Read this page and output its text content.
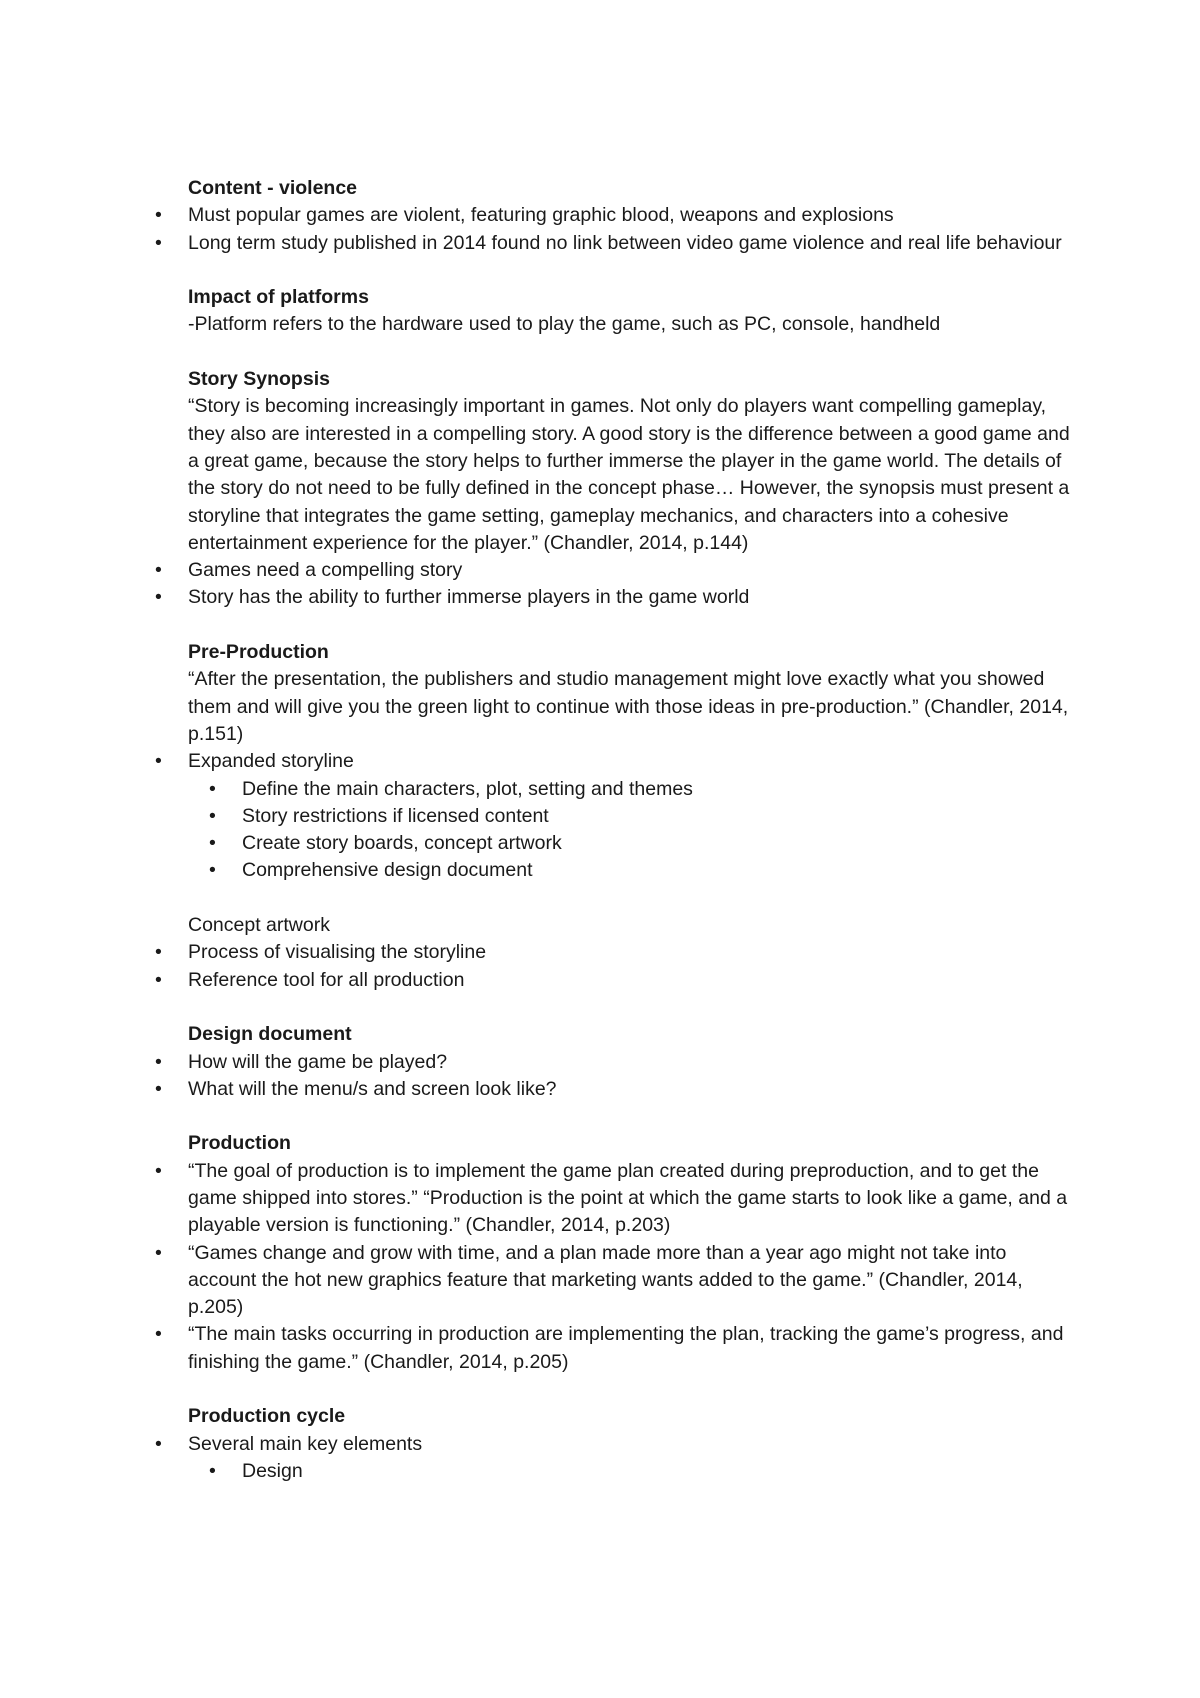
Content - violence
• Must popular games are violent, featuring graphic blood, weapons and explosions
• Long term study published in 2014 found no link between video game violence and real life behaviour
Impact of platforms

-Platform refers to the hardware used to play the game, such as PC, console, handheld

Story Synopsis

“Story is becoming increasingly important in games. Not only do players want compelling gameplay, they also are interested in a compelling story. A good story is the difference between a good game and a great game, because the story helps to further immerse the player in the game world. The details of the story do not need to be fully defined in the concept phase… However, the synopsis must present a storyline that integrates the game setting, gameplay mechanics, and characters into a cohesive entertainment experience for the player.” (Chandler, 2014, p.144)

• Games need a compelling story
• Story has the ability to further immerse players in the game world
Pre-Production

“After the presentation, the publishers and studio management might love exactly what you showed them and will give you the green light to continue with those ideas in pre-production.” (Chandler, 2014, p.151)

• Expanded storyline
• Define the main characters, plot, setting and themes
• Story restrictions if licensed content
• Create story boards, concept artwork
• Comprehensive design document
Concept artwork
• Process of visualising the storyline
• Reference tool for all production
Design document
• How will the game be played?
• What will the menu/s and screen look like?
Production
• “The goal of production is to implement the game plan created during preproduction, and to get the game shipped into stores.” “Production is the point at which the game starts to look like a game, and a playable version is functioning.” (Chandler, 2014, p.203)
• “Games change and grow with time, and a plan made more than a year ago might not take into account the hot new graphics feature that marketing wants added to the game.” (Chandler, 2014, p.205)
• “The main tasks occurring in production are implementing the plan, tracking the game’s progress, and finishing the game.” (Chandler, 2014, p.205)
Production cycle
• Several main key elements
• Design
